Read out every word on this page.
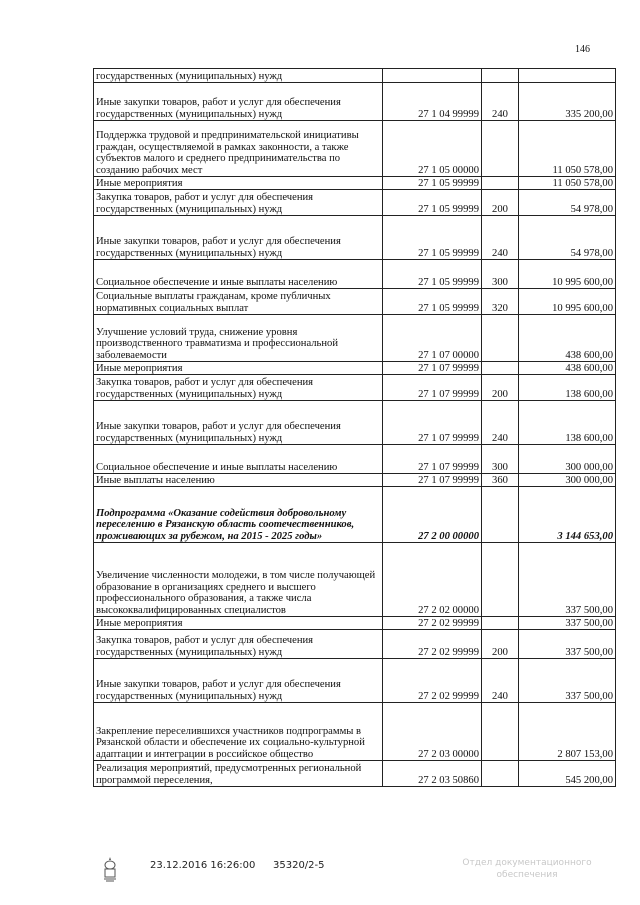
146
государственных (муниципальных) нужд			
Иные закупки товаров, работ и услуг для обеспечения государственных (муниципальных) нужд	27 1 04 99999	240	335 200,00
Поддержка трудовой и предпринимательской инициативы граждан, осуществляемой в рамках законности, а также субъектов малого и среднего предпринимательства по созданию рабочих мест	27 1 05 00000		11 050 578,00
Иные мероприятия	27 1 05 99999		11 050 578,00
Закупка товаров, работ и услуг для обеспечения государственных (муниципальных) нужд	27 1 05 99999	200	54 978,00
Иные закупки товаров, работ и услуг для обеспечения государственных (муниципальных) нужд	27 1 05 99999	240	54 978,00
Социальное обеспечение и иные выплаты населению	27 1 05 99999	300	10 995 600,00
Социальные выплаты гражданам, кроме публичных нормативных социальных выплат	27 1 05 99999	320	10 995 600,00
Улучшение условий труда, снижение уровня производственного травматизма и профессиональной заболеваемости	27 1 07 00000		438 600,00
Иные мероприятия	27 1 07 99999		438 600,00
Закупка товаров, работ и услуг для обеспечения государственных (муниципальных) нужд	27 1 07 99999	200	138 600,00
Иные закупки товаров, работ и услуг для обеспечения государственных (муниципальных) нужд	27 1 07 99999	240	138 600,00
Социальное обеспечение и иные выплаты населению	27 1 07 99999	300	300 000,00
Иные выплаты населению	27 1 07 99999	360	300 000,00
Подпрограмма «Оказание содействия добровольному переселению в Рязанскую область соотечественников, проживающих за рубежом, на 2015 - 2025 годы»	27 2 00 00000		3 144 653,00
Увеличение численности молодежи, в том числе получающей образование в организациях среднего и высшего профессионального образования, а также числа высококвалифицированных специалистов	27 2 02 00000		337 500,00
Иные мероприятия	27 2 02 99999		337 500,00
Закупка товаров, работ и услуг для обеспечения государственных (муниципальных) нужд	27 2 02 99999	200	337 500,00
Иные закупки товаров, работ и услуг для обеспечения государственных (муниципальных) нужд	27 2 02 99999	240	337 500,00
Закрепление переселившихся участников подпрограммы в Рязанской области и обеспечение их социально-культурной адаптации и интеграции в российское общество	27 2 03 00000		2 807 153,00
Реализация мероприятий, предусмотренных региональной программой переселения,	27 2 03 50860		545 200,00
23.12.2016 16:26:00 35320/2-5	Отдел документационного
обеспечения
